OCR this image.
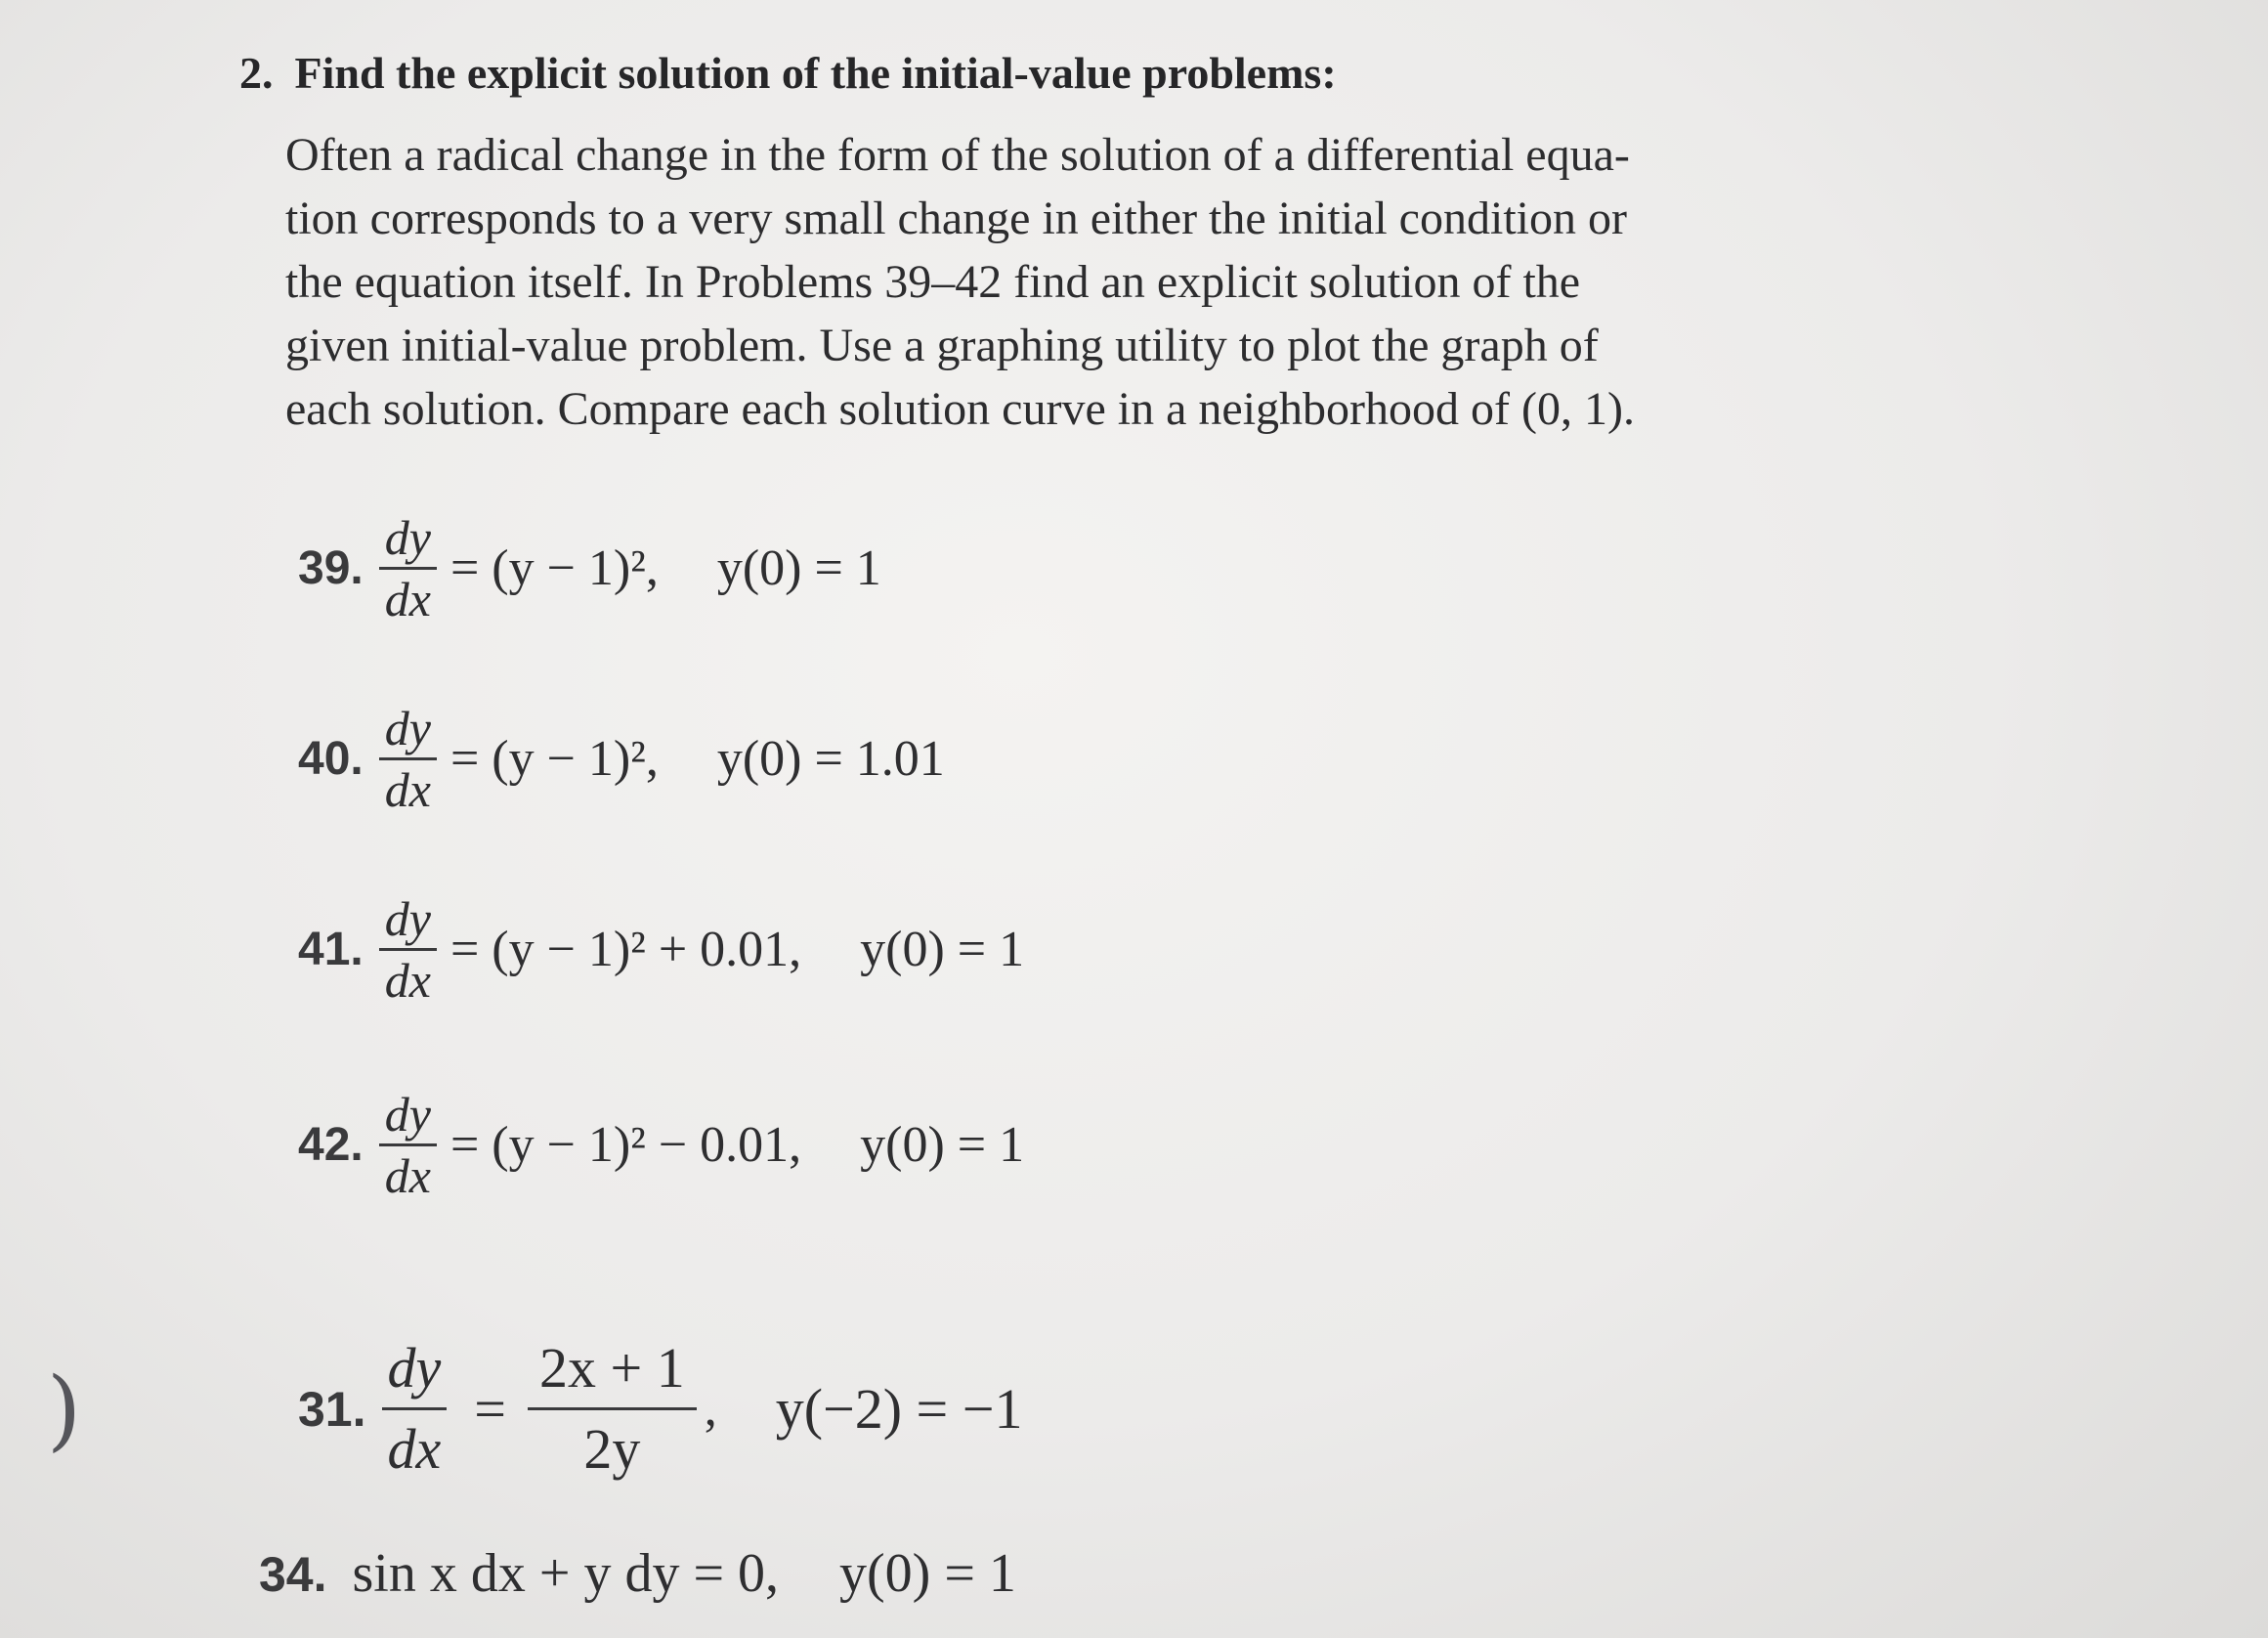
2. Find the explicit solution of the initial-value problems:

Often a radical change in the form of the solution of a differential equa-

tion corresponds to a very small change in either the initial condition or

the equation itself. In Problems 39–42 find an explicit solution of the

given initial-value problem. Use a graphing utility to plot the graph of

each solution. Compare each solution curve in a neighborhood of (0, 1).

39. $\frac{dy}{dx} = (y - 1)^2$, y(0) = 1
40. $\frac{dy}{dx} = (y - 1)^2$, y(0) = 1.01
41. $\frac{dy}{dx} = (y - 1)^2 + 0.01$, y(0) = 1
42. $\frac{dy}{dx} = (y - 1)^2 - 0.01$, y(0) = 1
)	31. $\frac{dy}{dx} = \frac{2x + 1}{2y}$ , y(−2) = −1
34. sin x dx + y dy = 0, y(0) = 1
